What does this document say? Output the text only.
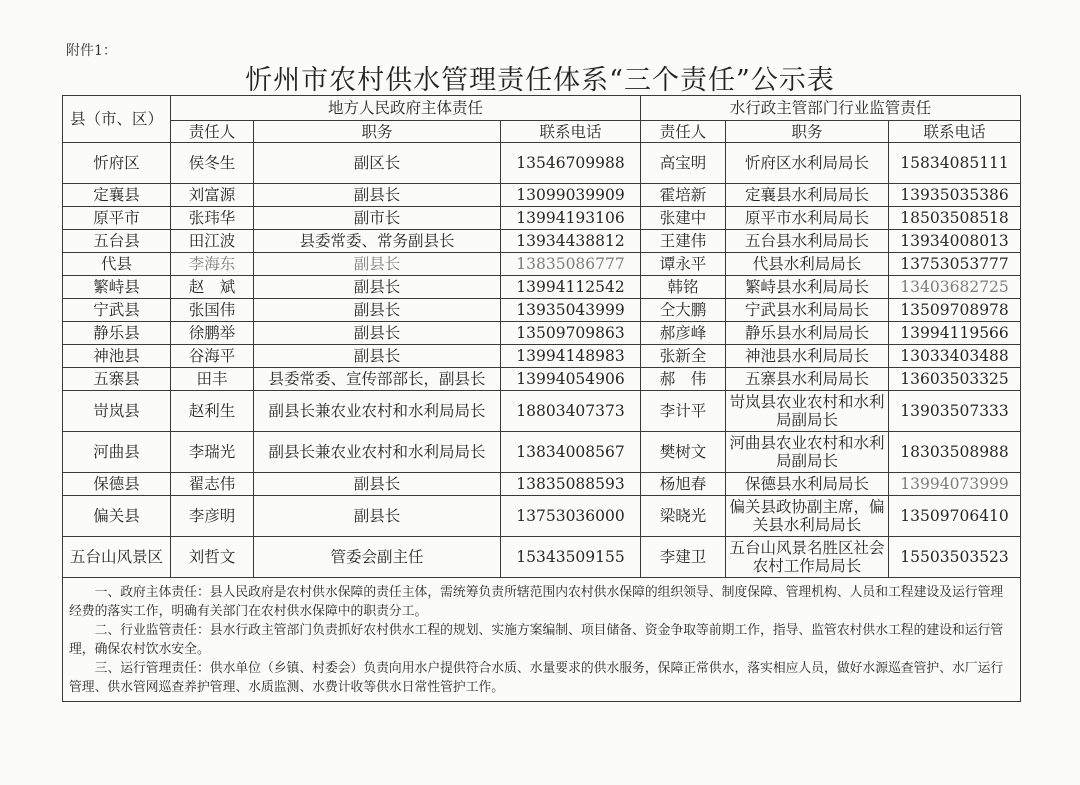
附件1：
忻州市农村供水管理责任体系“三个责任”公示表
县（市、区）	地方人民政府主体责任			水行政主管部门行业监管责任		
	责任人	职务	联系电话	责任人	职务	联系电话
忻府区	侯冬生	副区长	13546709988	高宝明	忻府区水利局局长	15834085111
定襄县	刘富源	副县长	13099039909	霍培新	定襄县水利局局长	13935035386
原平市	张玮华	副市长	13994193106	张建中	原平市水利局局长	18503508518
五台县	田江波	县委常委、常务副县长	13934438812	王建伟	五台县水利局局长	13934008013
代县	李海东	副县长	13835086777	谭永平	代县水利局局长	13753053777
繁峙县	赵　斌	副县长	13994112542	韩铭	繁峙县水利局局长	13403682725
宁武县	张国伟	副县长	13935043999	仝大鹏	宁武县水利局局长	13509708978
静乐县	徐鹏举	副县长	13509709863	郝彦峰	静乐县水利局局长	13994119566
神池县	谷海平	副县长	13994148983	张新全	神池县水利局局长	13033403488
五寨县	田丰	县委常委、宣传部部长，副县长	13994054906	郝　伟	五寨县水利局局长	13603503325
岢岚县	赵利生	副县长兼农业农村和水利局局长	18803407373	李计平	岢岚县农业农村和水利局副局长	13903507333
河曲县	李瑞光	副县长兼农业农村和水利局局长	13834008567	樊树文	河曲县农业农村和水利局副局长	18303508988
保德县	翟志伟	副县长	13835088593	杨旭春	保德县水利局局长	13994073999
偏关县	李彦明	副县长	13753036000	梁晓光	偏关县政协副主席，偏关县水利局局长	13509706410
五台山风景区	刘哲文	管委会副主任	15343509155	李建卫	五台山风景名胜区社会农村工作局局长	15503503523

一、政府主体责任：县人民政府是农村供水保障的责任主体，需统筹负责所辖范围内农村供水保障的组织领导、制度保障、管理机构、人员和工程建设及运行管理经费的落实工作，明确有关部门在农村供水保障中的职责分工。

二、行业监管责任：县水行政主管部门负责抓好农村供水工程的规划、实施方案编制、项目储备、资金争取等前期工作，指导、监管农村供水工程的建设和运行管理，确保农村饮水安全。

三、运行管理责任：供水单位（乡镇、村委会）负责向用水户提供符合水质、水量要求的供水服务，保障正常供水，落实相应人员，做好水源巡查管护、水厂运行管理、供水管网巡查养护管理、水质监测、水费计收等供水日常性管护工作。						
